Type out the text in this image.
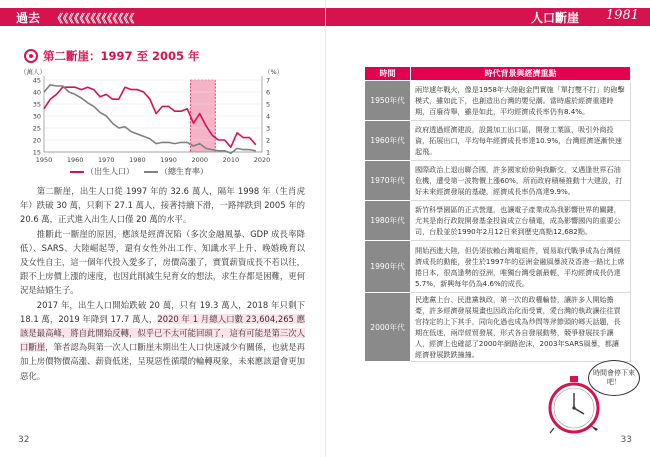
過去 《《《《《《《《《《《《《《
第二斷崖：1997 至 2005 年
45
40
35
30
25
20
15
7
6
5
4
3
2
1
1950 1960 1970 1980 1990 2000 2010 2020
（萬人）	（%）
（出生人口）	（總生育率）

第二斷崖，出生人口從 1997 年的 32.6 萬人，隔年 1998 年（生肖虎年）跌破 30 萬，只剩下 27.1 萬人，接著持續下滑，一路摔跌到 2005 年的 20.6 萬，正式進入出生人口僅 20 萬的水平。

推斷此一斷崖的原因，應該是經濟況陷（多次金融風暴、GDP 成長率降低）、SARS、大陸崛起等，還有女性外出工作、知識水平上升、晚婚晚育以及女性自主，這一個年代投入愛多了，房價高漲了，實質薪資成長不若以往，跟不上房價上漲的速度，也因此削減生兒育女的想法，求生存都是困難，更何況是結婚生子。

2017 年，出生人口開始跌破 20 萬，只有 19.3 萬人，2018 年只剩下 18.1 萬，2019 年降到 17.7 萬人，2020 年 1 月總人口數 23,604,265 應該是最高峰，將自此開始反轉，似乎已不太可能回頭了，這有可能是第三次人口斷崖，筆者認為與第一次人口斷崖末期出生人口快速減少有關係，也就是再加上房價物價高漲、薪資低迷，呈現惡性循環的輪轉現象，未來應該還會更加惡化。

32
人口斷崖 1981
時間	時代背景與經濟重點
1950年代	兩岸遽年戰火，像是1958年大陸砲金門實施「單打雙不打」的砲擊模式，雖如此下，也創造出台灣的嬰兒潮。當時處於經濟重建時期，百廢待舉，雖是如此，平均經濟成長率仍有8.4%。
1960年代	政府透過經濟建設，設置加工出口區，開發工業區，吸引外商投資，拓展出口，平均每年經濟成長率達10.9%，台灣經濟逐漸快速起飛。
1970年代	國際政治上退出聯合國，許多國家紛紛與我斷交，又遇逢世界石油危機，遭受第一波物價上漲60%，所而政府積極推動十大建設，打好未來經濟發展的基礎，經濟成長率仍高達9.9%。
1980年代	新竹科學園區的正式營運，也讓電子產業成為我影響世界的關鍵，尤其是南行政院開發基金投資成立台積電，成為影響國內的重要公司，台股並於1990年2月12日來到歷史高點12,682點。
1990年代	開始西進大陸，但仍須依賴台灣電組件，貿易取代戰爭成為台灣經濟成長的動能，發生於1997年的亞洲金融風暴波及香港一路比上席捲日本，很高逢勢的亞洲，唯獨台灣受創最輕，平均經濟成長仍達5.7%，新興每年仍為4.6%的成長。
2000年代	民進黨上台、民進黨執政，第一次的政權輪替，讓許多人開始擔憂，許多經濟發展規畫也因政治化而受實，愛台灣的執政讓往往買官持定的上下其手，同向化過也成為炒問等斧節頭的鄉天話題，長期在低迷，兩岸經貿發展，形式各自發展動勢，競爭發展技手讓人，經濟上也確認了2000年網路泡沫，2003年SARS風暴，都讓經濟發展跌跌撞撞。
時間會停下來吧！
33
